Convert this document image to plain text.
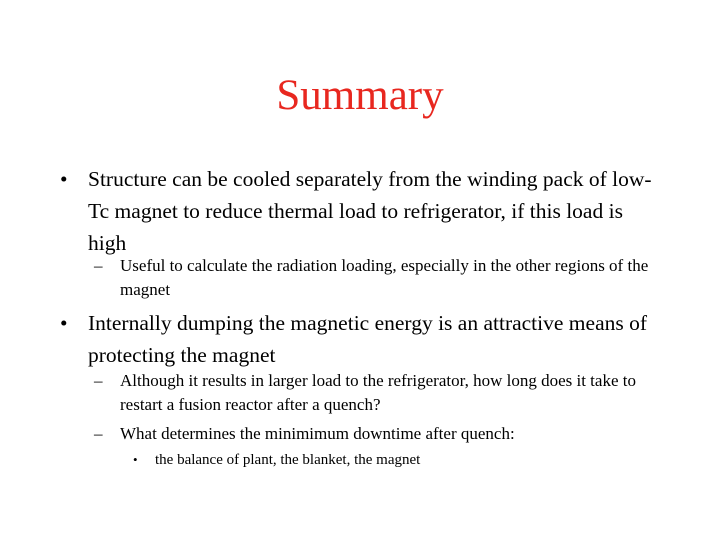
Summary
• Structure can be cooled separately from the winding pack of low-Tc magnet to reduce thermal load to refrigerator, if this load is high
– Useful to calculate the radiation loading, especially in the other regions of the magnet
• Internally dumping the magnetic energy is an attractive means of protecting the magnet
– Although it results in larger load to the refrigerator, how long does it take to restart a fusion reactor after a quench?
– What determines the minimimum downtime after quench:
• the balance of plant, the blanket, the magnet
